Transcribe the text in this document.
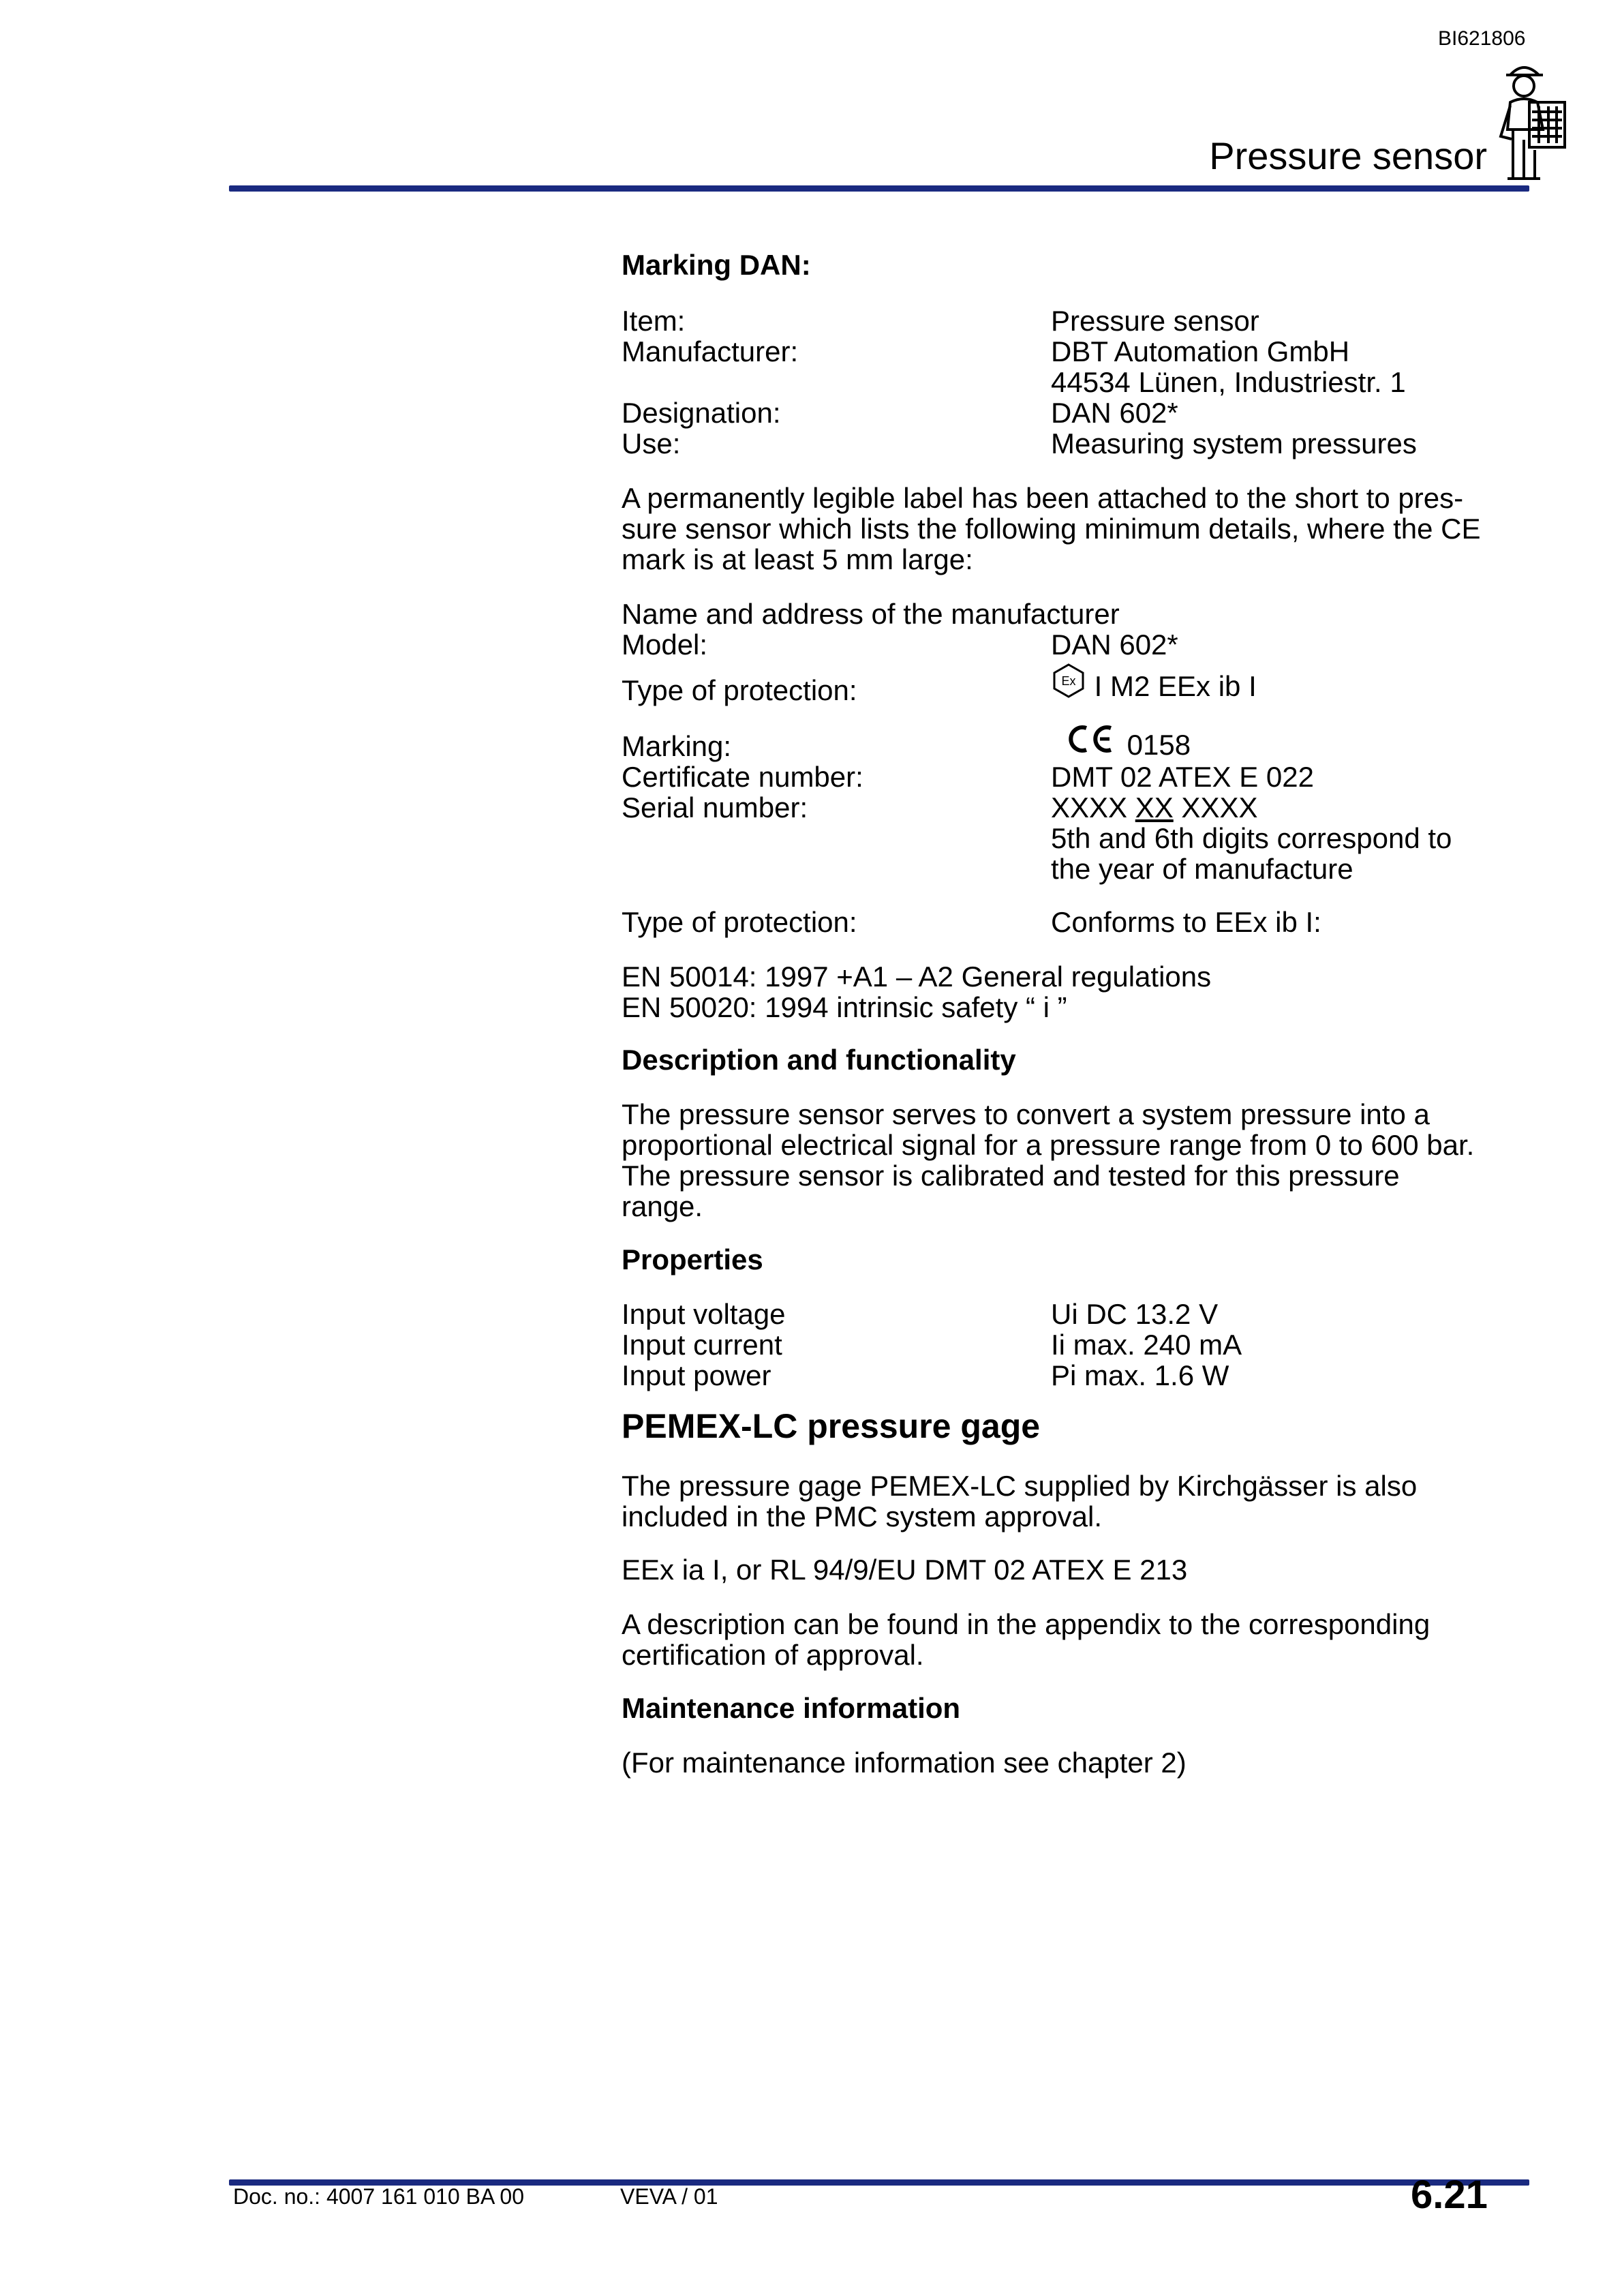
BI621806
Pressure sensor
Marking DAN:
Item:	Pressure sensor
Manufacturer:	DBT Automation GmbH
44534 Lünen, Industriestr. 1
Designation:	DAN 602*
Use:	Measuring system pressures
A permanently legible label has been attached to the short to pres-
sure sensor which lists the following minimum details, where the CE
mark is at least 5 mm large:
Name and address of the manufacturer
Model:	DAN 602*
Type of protection:	Ex I M2 EEx ib I
Marking:	0158
Certificate number:	DMT 02 ATEX E 022
Serial number:	XXXX XX XXXX
5th and 6th digits correspond to
the year of manufacture
Type of protection:	Conforms to EEx ib I:
EN 50014: 1997 +A1 – A2 General regulations
EN 50020: 1994 intrinsic safety “ i ”
Description and functionality
The pressure sensor serves to convert a system pressure into a
proportional electrical signal for a pressure range from 0 to 600 bar.
The pressure sensor is calibrated and tested for this pressure
range.
Properties
Input voltage	Ui DC 13.2 V
Input current	Ii max. 240 mA
Input power	Pi max. 1.6 W
PEMEX-LC pressure gage
The pressure gage PEMEX-LC supplied by Kirchgässer is also
included in the PMC system approval.
EEx ia I, or RL 94/9/EU DMT 02 ATEX E 213
A description can be found in the appendix to the corresponding
certification of approval.
Maintenance information
(For maintenance information see chapter 2)
Doc. no.: 4007 161 010 BA 00	VEVA / 01	6.21
